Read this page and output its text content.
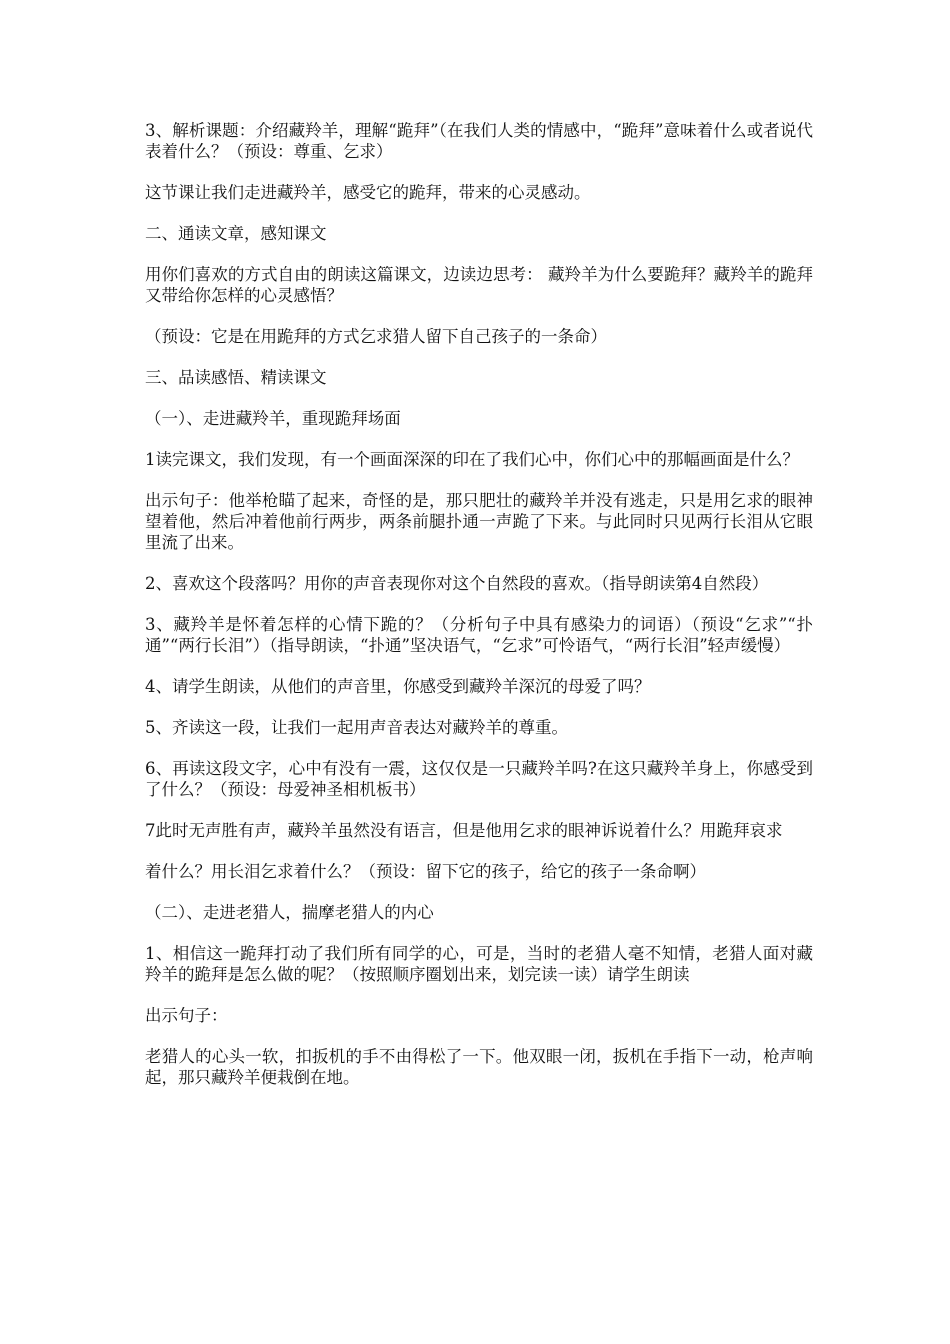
3、解析课题：介绍藏羚羊，理解“跪拜”（在我们人类的情感中，“跪拜”意味着什么或者说代表着什么？（预设：尊重、乞求）

这节课让我们走进藏羚羊，感受它的跪拜，带来的心灵感动。

二、通读文章，感知课文

用你们喜欢的方式自由的朗读这篇课文，边读边思考： 藏羚羊为什么要跪拜？藏羚羊的跪拜又带给你怎样的心灵感悟？

（预设：它是在用跪拜的方式乞求猎人留下自己孩子的一条命）

三、品读感悟、精读课文

（一）、走进藏羚羊，重现跪拜场面

1读完课文，我们发现，有一个画面深深的印在了我们心中，你们心中的那幅画面是什么？

出示句子：他举枪瞄了起来，奇怪的是，那只肥壮的藏羚羊并没有逃走，只是用乞求的眼神望着他，然后冲着他前行两步，两条前腿扑通一声跪了下来。与此同时只见两行长泪从它眼里流了出来。

2、喜欢这个段落吗？用你的声音表现你对这个自然段的喜欢。（指导朗读第4自然段）

3、藏羚羊是怀着怎样的心情下跪的？（分析句子中具有感染力的词语）（预设“乞求”“扑通”“两行长泪”）（指导朗读，“扑通”坚决语气，“乞求”可怜语气，“两行长泪”轻声缓慢）

4、请学生朗读，从他们的声音里，你感受到藏羚羊深沉的母爱了吗？

5、齐读这一段，让我们一起用声音表达对藏羚羊的尊重。

6、再读这段文字，心中有没有一震，这仅仅是一只藏羚羊吗?在这只藏羚羊身上，你感受到了什么？（预设：母爱神圣相机板书）

7此时无声胜有声，藏羚羊虽然没有语言，但是他用乞求的眼神诉说着什么？用跪拜哀求

着什么？用长泪乞求着什么？（预设：留下它的孩子，给它的孩子一条命啊）

（二）、走进老猎人，揣摩老猎人的内心

1、相信这一跪拜打动了我们所有同学的心，可是，当时的老猎人毫不知情，老猎人面对藏羚羊的跪拜是怎么做的呢？（按照顺序圈划出来，划完读一读）请学生朗读

出示句子：

老猎人的心头一软，扣扳机的手不由得松了一下。他双眼一闭，扳机在手指下一动，枪声响起，那只藏羚羊便栽倒在地。
